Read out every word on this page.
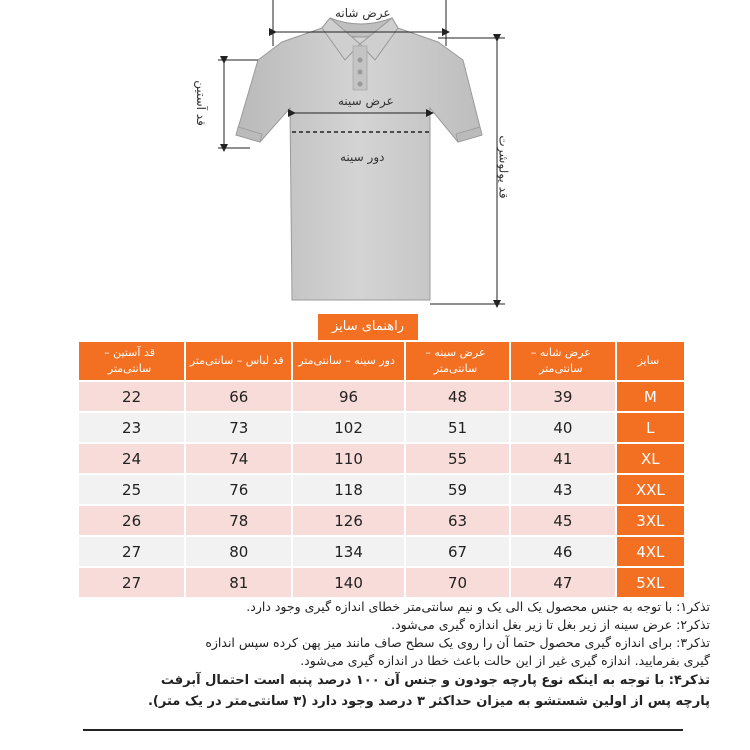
عرض شانه
عرض سینه
دور سینه
قد آستین
قد پولوشرت
راهنمای سایز
قد آستین – سانتی‌متر	قد لباس – سانتی‌متر	دور سینه – سانتی‌متر	عرض سینه – سانتی‌متر	عرض شانه – سانتی‌متر	سایز
22	66	96	48	39	M
23	73	102	51	40	L
24	74	110	55	41	XL
25	76	118	59	43	XXL
26	78	126	63	45	3XL
27	80	134	67	46	4XL
27	81	140	70	47	5XL

تذکر۱: با توجه به جنس محصول یک الی یک و نیم سانتی‌متر خطای اندازه گیری وجود دارد.

تذکر۲: عرض سینه از زیر بغل تا زیر بغل اندازه گیری می‌شود.

تذکر۳: برای اندازه گیری محصول حتما آن را روی یک سطح صاف مانند میز پهن کرده سپس اندازه

گیری بفرمایید. اندازه گیری غیر از این حالت باعث خطا در اندازه گیری می‌شود.

تذکر۴: با توجه به اینکه نوع پارچه جودون و جنس آن ۱۰۰ درصد پنبه است احتمال آبرفت

پارچه پس از اولین شستشو به میزان حداکثر ۳ درصد وجود دارد (۳ سانتی‌متر در یک متر).
